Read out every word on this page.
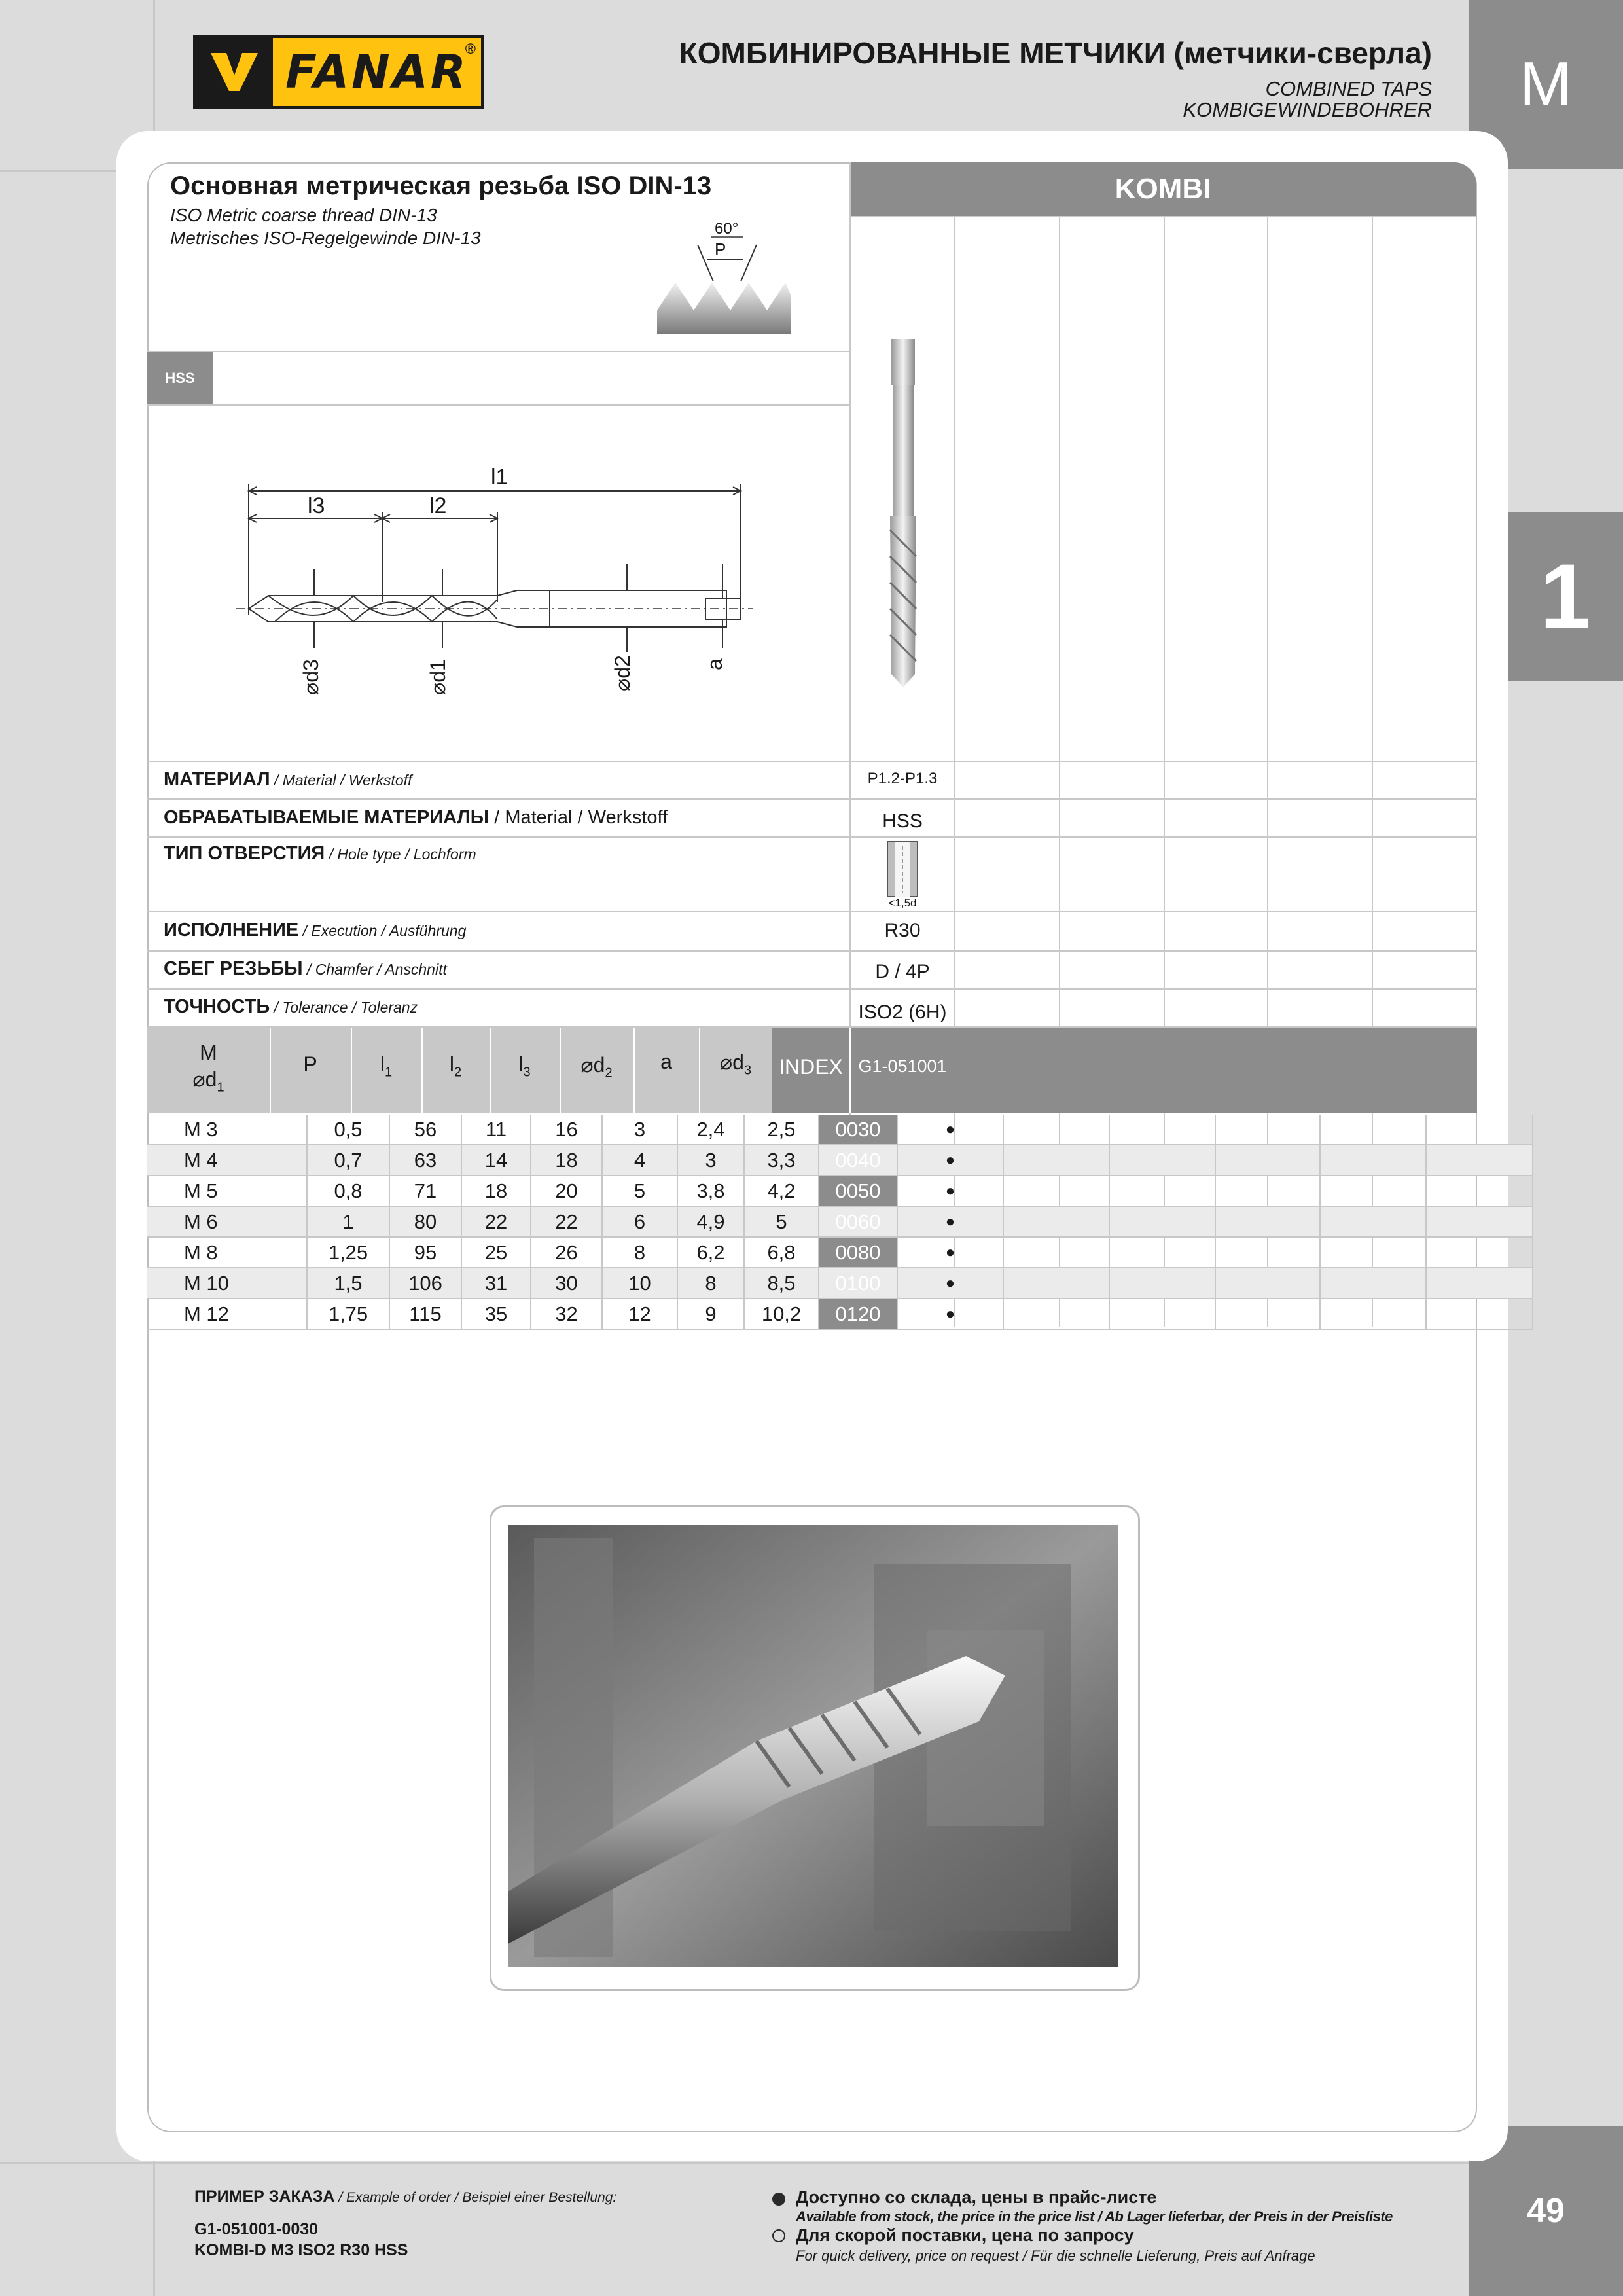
FANAR
®	КОМБИНИРОВАННЫЕ МЕТЧИКИ (метчики-сверла)
COMBINED TAPS
KOMBIGEWINDEBOHRER	M
1
49
Основная метрическая резьба ISO DIN-13
ISO Metric coarse thread DIN-13
Metrisches ISO-Regelgewinde DIN-13	60°
P
KOMBI
HSS
l1
l3	l2
⌀d3	⌀d1	⌀d2	a
МАТЕРИАЛ / Material / Werkstoff	P1.2-P1.3
ОБРАБАТЫВАЕМЫЕ МАТЕРИАЛЫ / Material / Werkstoff	HSS
ТИП ОТВЕРСТИЯ / Hole type / Lochform
<1,5d
ИСПОЛНЕНИЕ / Execution / Ausführung	R30
СБЕГ РЕЗЬБЫ / Chamfer / Anschnitt	D / 4P
ТОЧНОСТЬ / Tolerance / Toleranz	ISO2 (6H)
M
$⌀d_1$
P	$l_1$	$l_2$	$l_3$	$⌀d_2$	a	$⌀d_3$	INDEX G1-051001
M 3	0,5	56	11	16	3	2,4	2,5	0030	●					
M 4	0,7	63	14	18	4	3	3,3	0040	●					
M 5	0,8	71	18	20	5	3,8	4,2	0050	●					
M 6	1	80	22	22	6	4,9	5	0060	●					
M 8	1,25	95	25	26	8	6,2	6,8	0080	●					
M 10	1,5	106	31	30	10	8	8,5	0100	●					
M 12	1,75	115	35	32	12	9	10,2	0120	●					
ПРИМЕР ЗАКАЗА / Example of order / Beispiel einer Bestellung:
G1-051001-0030
KOMBI-D M3 ISO2 R30 HSS
Доступно со склада, цены в прайс-листе
Available from stock, the price in the price list / Ab Lager lieferbar, der Preis in der Preisliste
Для скорой поставки, цена по запросу
For quick delivery, price on request / Für die schnelle Lieferung, Preis auf Anfrage
